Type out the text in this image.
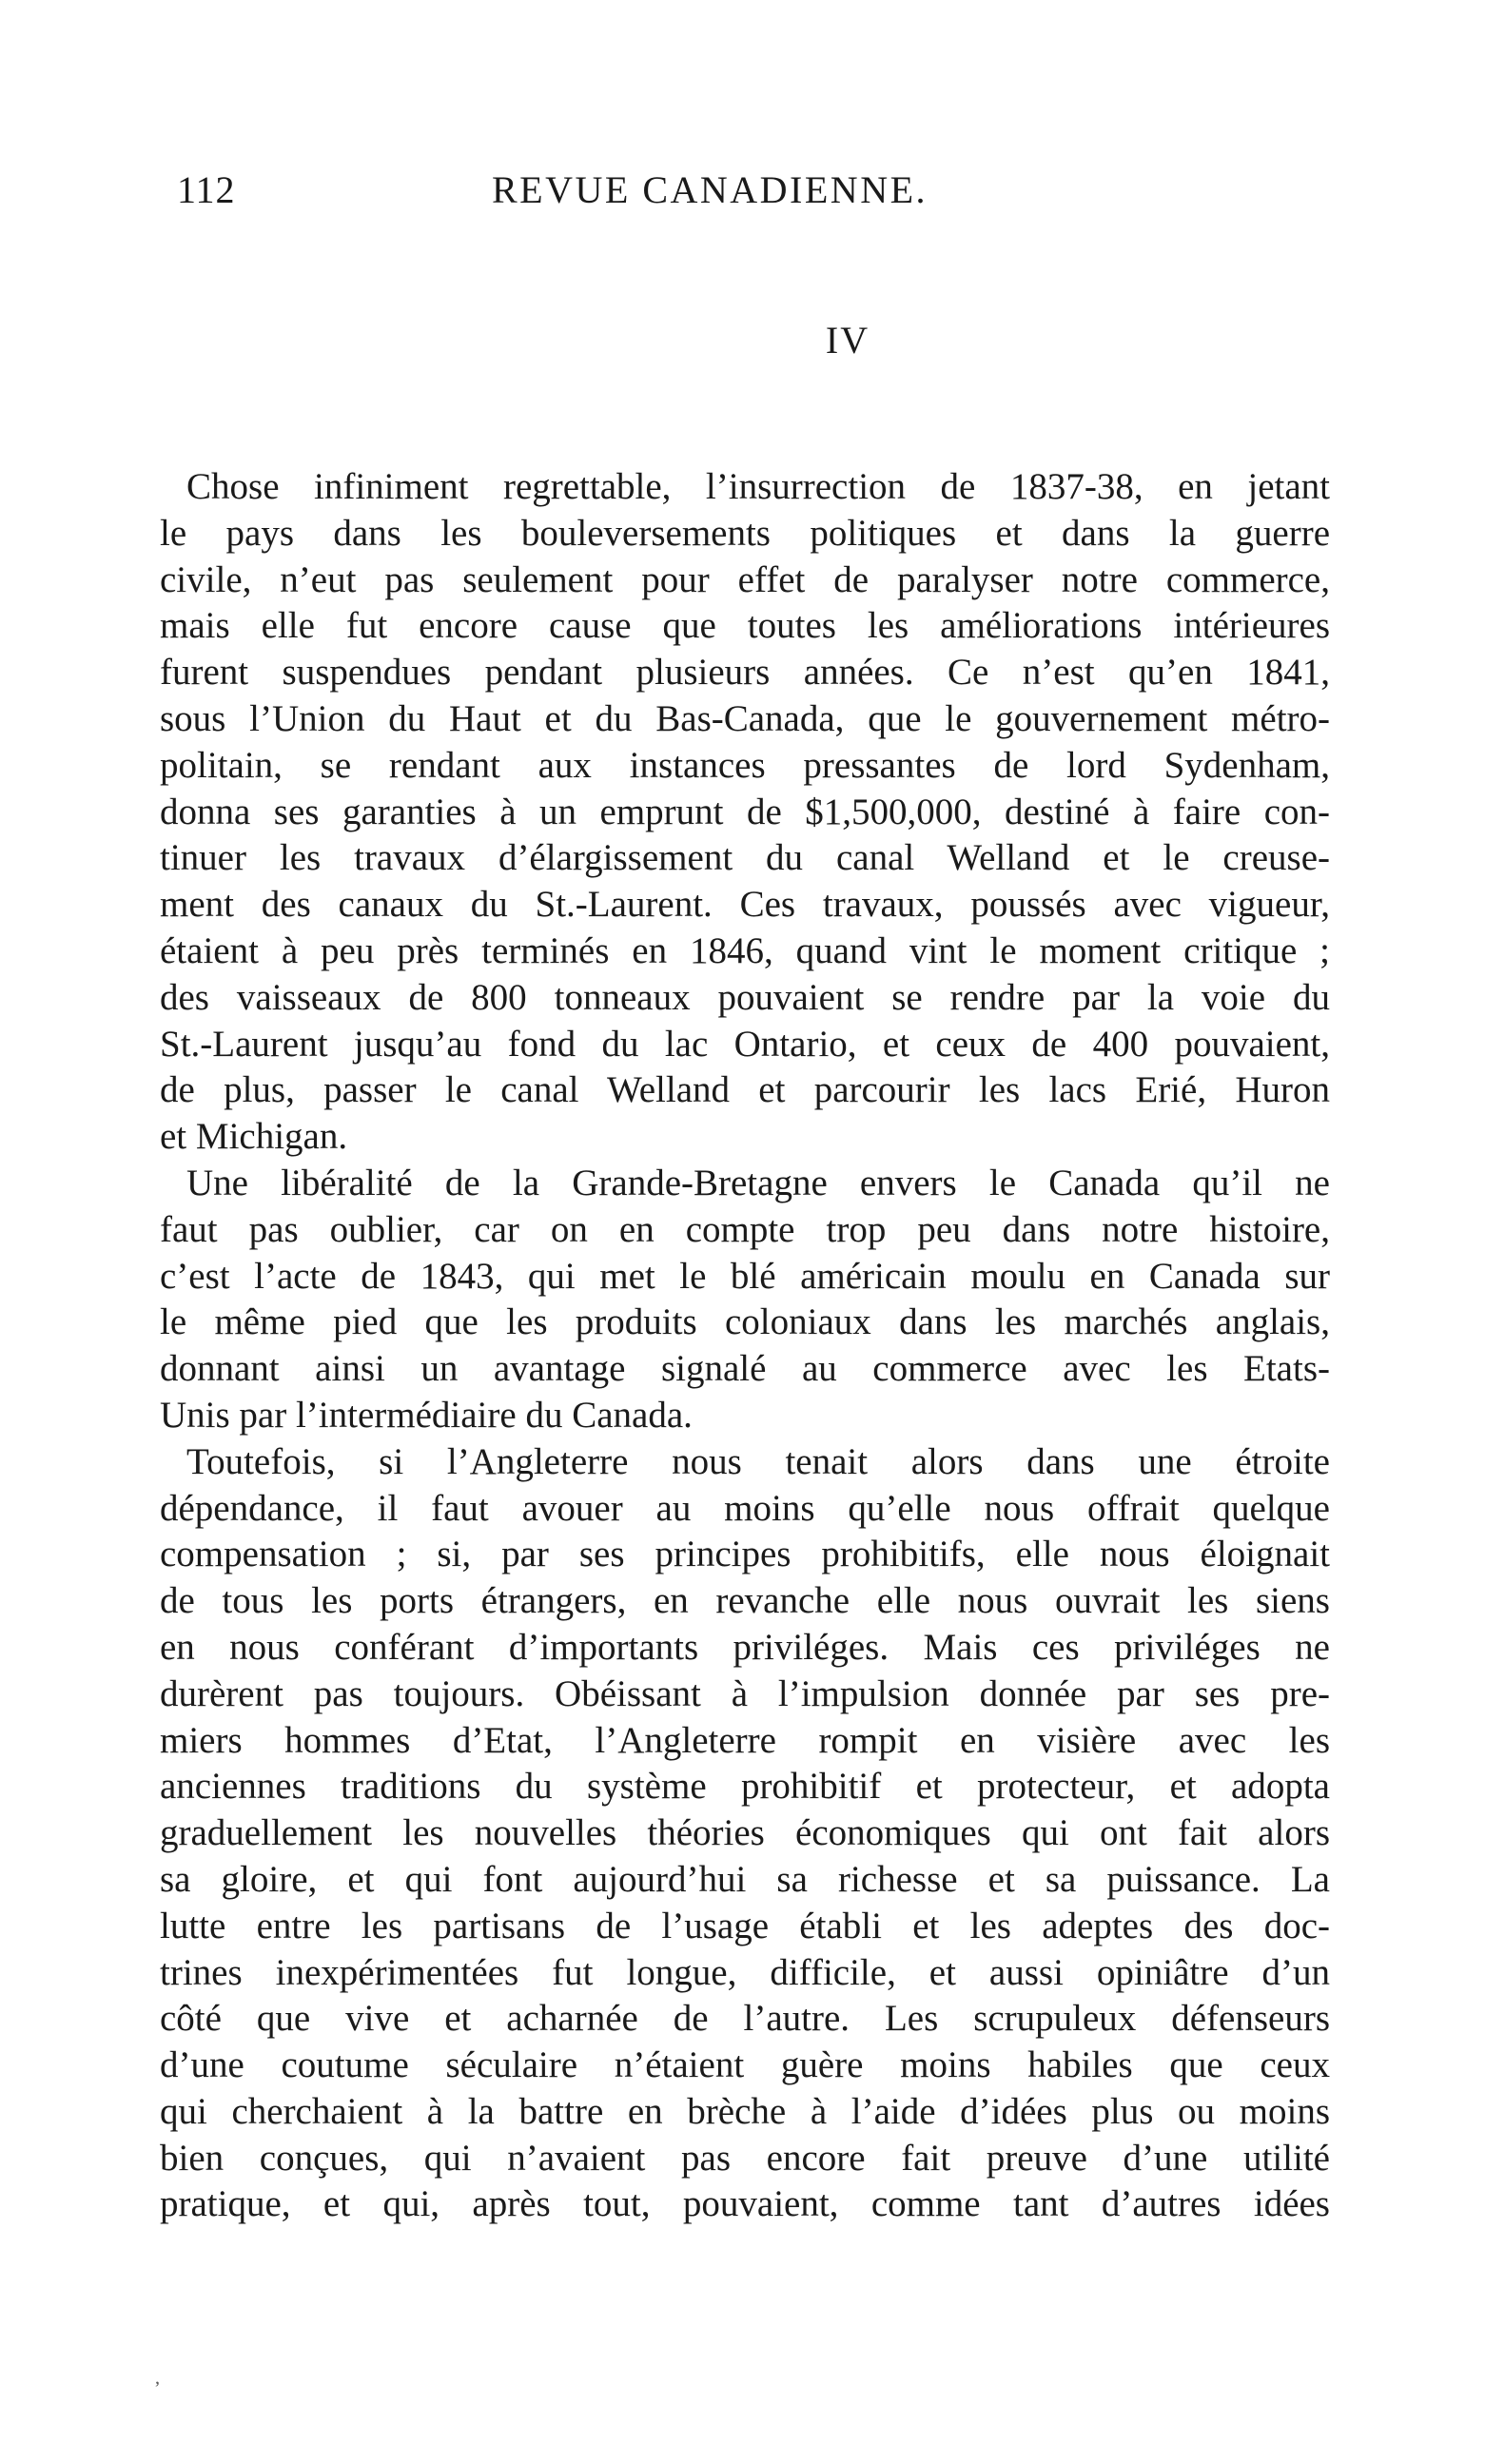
112	REVUE CANADIENNE.
IV
Chose infiniment regrettable, l’insurrection de 1837-38, en jetant
le pays dans les bouleversements politiques et dans la guerre
civile, n’eut pas seulement pour effet de paralyser notre commerce,
mais elle fut encore cause que toutes les améliorations intérieures
furent suspendues pendant plusieurs années. Ce n’est qu’en 1841,
sous l’Union du Haut et du Bas-Canada, que le gouvernement métro-
politain, se rendant aux instances pressantes de lord Sydenham,
donna ses garanties à un emprunt de $1,500,000, destiné à faire con-
tinuer les travaux d’élargissement du canal Welland et le creuse-
ment des canaux du St.-Laurent. Ces travaux, poussés avec vigueur,
étaient à peu près terminés en 1846, quand vint le moment critique ;
des vaisseaux de 800 tonneaux pouvaient se rendre par la voie du
St.-Laurent jusqu’au fond du lac Ontario, et ceux de 400 pouvaient,
de plus, passer le canal Welland et parcourir les lacs Erié, Huron
et Michigan.
Une libéralité de la Grande-Bretagne envers le Canada qu’il ne
faut pas oublier, car on en compte trop peu dans notre histoire,
c’est l’acte de 1843, qui met le blé américain moulu en Canada sur
le même pied que les produits coloniaux dans les marchés anglais,
donnant ainsi un avantage signalé au commerce avec les Etats-
Unis par l’intermédiaire du Canada.
Toutefois, si l’Angleterre nous tenait alors dans une étroite
dépendance, il faut avouer au moins qu’elle nous offrait quelque
compensation ; si, par ses principes prohibitifs, elle nous éloignait
de tous les ports étrangers, en revanche elle nous ouvrait les siens
en nous conférant d’importants priviléges. Mais ces priviléges ne
durèrent pas toujours. Obéissant à l’impulsion donnée par ses pre-
miers hommes d’Etat, l’Angleterre rompit en visière avec les
anciennes traditions du système prohibitif et protecteur, et adopta
graduellement les nouvelles théories économiques qui ont fait alors
sa gloire, et qui font aujourd’hui sa richesse et sa puissance. La
lutte entre les partisans de l’usage établi et les adeptes des doc-
trines inexpérimentées fut longue, difficile, et aussi opiniâtre d’un
côté que vive et acharnée de l’autre. Les scrupuleux défenseurs
d’une coutume séculaire n’étaient guère moins habiles que ceux
qui cherchaient à la battre en brèche à l’aide d’idées plus ou moins
bien conçues, qui n’avaient pas encore fait preuve d’une utilité
pratique, et qui, après tout, pouvaient, comme tant d’autres idées
ʼ
